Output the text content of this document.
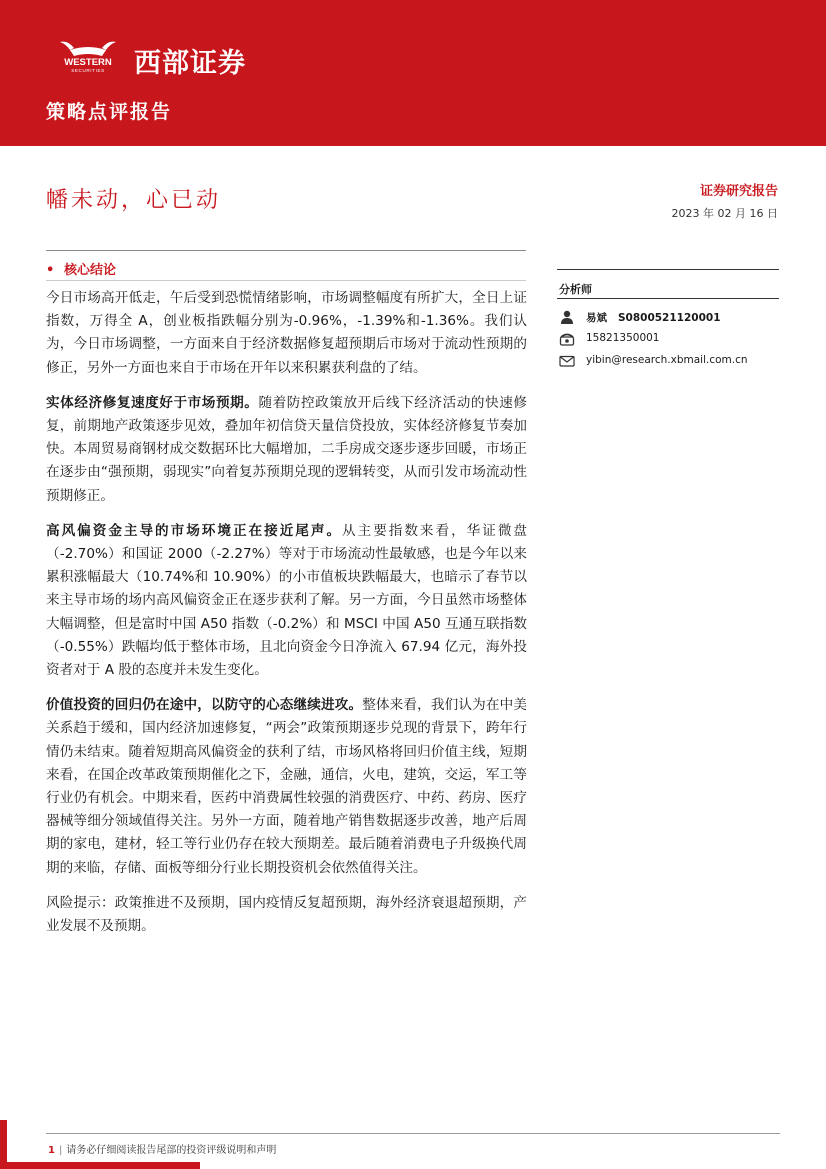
WESTERN
SECURITIES 西部证券
策略点评报告
幡未动，心已动	证券研究报告
2023 年 02 月 16 日
• 核心结论

今日市场高开低走，午后受到恐慌情绪影响，市场调整幅度有所扩大，全日上证指数，万得全 A，创业板指跌幅分别为-0.96%，-1.39%和-1.36%。我们认为，今日市场调整，一方面来自于经济数据修复超预期后市场对于流动性预期的修正，另外一方面也来自于市场在开年以来积累获利盘的了结。

实体经济修复速度好于市场预期。随着防控政策放开后线下经济活动的快速修复，前期地产政策逐步见效，叠加年初信贷天量信贷投放，实体经济修复节奏加快。本周贸易商钢材成交数据环比大幅增加，二手房成交逐步逐步回暖，市场正在逐步由“强预期，弱现实”向着复苏预期兑现的逻辑转变，从而引发市场流动性预期修正。

高风偏资金主导的市场环境正在接近尾声。从主要指数来看，华证微盘（-2.70%）和国证 2000（-2.27%）等对于市场流动性最敏感，也是今年以来累积涨幅最大（10.74%和 10.90%）的小市值板块跌幅最大，也暗示了春节以来主导市场的场内高风偏资金正在逐步获利了解。另一方面，今日虽然市场整体大幅调整，但是富时中国 A50 指数（-0.2%）和 MSCI 中国 A50 互通互联指数（-0.55%）跌幅均低于整体市场，且北向资金今日净流入 67.94 亿元，海外投资者对于 A 股的态度并未发生变化。

价值投资的回归仍在途中，以防守的心态继续进攻。整体来看，我们认为在中美关系趋于缓和，国内经济加速修复，“两会”政策预期逐步兑现的背景下，跨年行情仍未结束。随着短期高风偏资金的获利了结，市场风格将回归价值主线，短期来看，在国企改革政策预期催化之下，金融，通信，火电，建筑，交运，军工等行业仍有机会。中期来看，医药中消费属性较强的消费医疗、中药、药房、医疗器械等细分领域值得关注。另外一方面，随着地产销售数据逐步改善，地产后周期的家电，建材，轻工等行业仍存在较大预期差。最后随着消费电子升级换代周期的来临，存储、面板等细分行业长期投资机会依然值得关注。

风险提示：政策推进不及预期，国内疫情反复超预期，海外经济衰退超预期，产业发展不及预期。

分析师
易斌 S0800521120001
15821350001
yibin@research.xbmail.com.cn
1 | 请务必仔细阅读报告尾部的投资评级说明和声明
